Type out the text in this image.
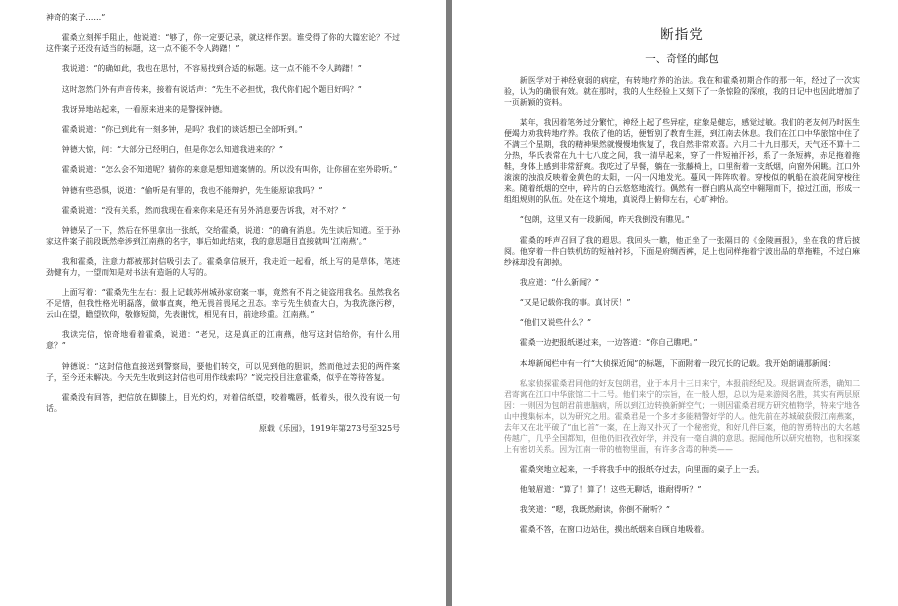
神奇的案子……”

霍桑立刻挥手阻止，他说道：“够了，你一定要记录，就这样作罢。谁受得了你的大篇宏论？不过这件案子还没有适当的标题，这一点不能不令人踌躇！”

我说道：“的确如此，我也在思忖，不容易找到合适的标题。这一点不能不令人踌躇！”

这时忽然门外有声音传来，接着有说话声：“先生不必担忧，我代你们起个题目好吗？”

我讶异地站起来，一看原来进来的是警探钟德。

霍桑说道：“你已到此有一刻多钟，是吗？我们的谈话想已全部听到。”

钟德大惊，问：“大部分已经明白，但是你怎么知道我进来的？”

霍桑说道：“怎么会不知道呢？猜你的来意是想知道案情的。所以没有叫你，让你留在室外聆听。”

钟德有些恐惧，说道：“偷听是有罪的，我也不能辩护，先生能原谅我吗？”

霍桑说道：“没有关系，然而我现在看来你来是还有另外消息要告诉我，对不对？”

钟德呆了一下，然后在怀里拿出一张纸，交给霍桑，说道：“的确有消息。先生读后知道。至于孙家这件案子前段既然牵涉到江南燕的名字，事后如此结束，我的意思题目直接就叫‘江南燕’。”

我和霍桑，注意力都被那封信吸引去了。霍桑拿信展开，我走近一起看，纸上写的是草体，笔迹劲健有力，一望而知是对书法有造诣的人写的。

上面写着：“霍桑先生左右：报上记载苏州城孙家窃案一事，竟然有不肖之徒盗用我名。虽然我名不足惜，但我性格光明磊落，做事直爽，绝无畏首畏尾之丑态。幸亏先生侦查大白，为我洗涤污秽，云山在望，瞻望钦仰，敬修短简，先表谢忱，相见有日，前途珍重。江南燕。”

我读完信，惊奇地看着霍桑，说道：“老兄，这是真正的江南燕，他写这封信给你，有什么用意？”

钟德说：“这封信他直接送到警察局，要他们转交，可以见到他的胆识，然而他过去犯的两件案子，至今还未解决。今天先生收到这封信也可用作线索吗？”说完投目注意霍桑，似乎在等待答复。

霍桑没有回答，把信放在脚膝上，目光灼灼，对着信纸望，咬着嘴唇，低着头，很久没有说一句话。

原载《乐园》，1919年第273号至325号

断指党
一、奇怪的邮包

新医学对于神经衰弱的病症，有转地疗养的治法。我在和霍桑初期合作的那一年，经过了一次实验，认为的确很有效。就在那时，我的人生经验上又刻下了一条惊险的深痕，我的日记中也因此增加了一页新颖的资料。

某年，我因着笔务过分繁忙，神经上起了些异症，症象是健忘，感觉过敏。我们的老友何乃时医生便竭力劝我转地疗养。我依了他的话，便暂别了教育生涯，到江南去休息。我们在江口中华旅馆中住了不满三个星期，我的精神果然就慢慢地恢复了，我自然非常欢喜。六月二十九日那天，天气还不算十二分热，华氏表常在九十七八度之间，我一清早起来，穿了一件短袖汗衫，系了一条短裤，赤足拖着拖鞋，身体上感到非常舒爽。我吃过了早餐，躺在一张藤椅上，口里衔着一支纸烟，向窗外闲眺。江口外滚滚的浊浪反映着金黄色的太阳，一闪一闪地发光。蔓风一阵阵吹着。穿梭似的帆船在浪花间穿梭往来。随着纸烟的空中，碎片的白云悠悠地流行。偶然有一群白鸥从高空中翱翔而下，掠过江面，形成一组组规则的队伍。处在这个境地，真说得上俯仰左右，心旷神怡。

“包朗，这里又有一段新闻，昨天我倒没有瞧见。”

霍桑的呼声召回了我的遐思。我回头一瞧，他正坐了一张隔日的《金陵画报》，坐在我的背后披阅。他穿着一件白铁机纺的短袖衬衫，下面是府绸西裤，足上也同样拖着宁波出品的草拖鞋，不过白麻纱袜却没有卸掉。

我应道：“什么新闻？”

“又是记载你我的事。真讨厌！”

“他们又说些什么？”

霍桑一边把报纸递过来，一边答道：“你自己瞧吧。”

本埠新闻栏中有一行“大侦探近闻”的标题，下面附着一段冗长的记载。我开始朗诵那新闻：

私家侦探霍桑君同他的好友包朗君，业于本月十三日来宁，本报前经纪及。现据调查所悉，确知二君寄寓在江口中华旅馆二十二号。他们来宁的宗旨，在一般人想，总以为是来游阅名胜，其实有两层原因：一则因为包朗君前患脑病，所以到江边转换新鲜空气；一则因霍桑君现方研究植物学，特来宁地各山中搜集标本，以为研究之用。霍桑君是一个多才多能精警好学的人。他先前在苏城破获假江南燕案，去年又在北平破了“血匕首”一案，在上海又扑灭了一个秘密党，和好几件巨案，他的智勇特出的大名越传越广，几乎全国都知，但他仍旧孜孜好学，并没有一毫自满的意思。据闻他所以研究植物，也和探案上有密切关系。因为江南一带的植物里面，有许多含毒的种类——

霍桑突地立起来，一手将我手中的报纸夺过去，向里面的桌子上一丢。

他皱眉道：“算了！算了！这些无聊话，谁耐得听？”

我笑道：“嗯，我既然耐读，你倒不耐听？”

霍桑不答，在窗口边站住，摸出纸烟来自顾自地吸着。
